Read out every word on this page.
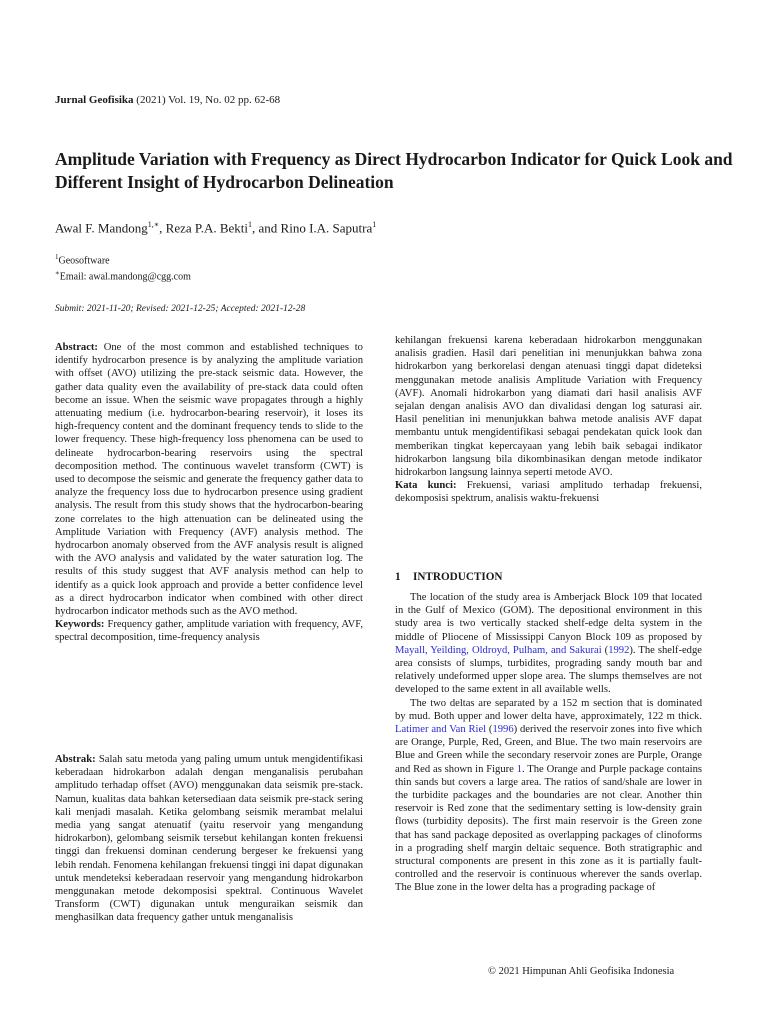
Jurnal Geofisika (2021) Vol. 19, No. 02 pp. 62-68
Amplitude Variation with Frequency as Direct Hydrocarbon Indicator for Quick Look and Different Insight of Hydrocarbon Delineation
Awal F. Mandong$^{1,∗}$, Reza P.A. Bekti$^1$, and Rino I.A. Saputra$^1$
$^1$Geosoftware
∗Email: awal.mandong@cgg.com
Submit: 2021-11-20; Revised: 2021-12-25; Accepted: 2021-12-28

Abstract: One of the most common and established techniques to identify hydrocarbon presence is by analyzing the amplitude variation with offset (AVO) utilizing the pre-stack seismic data. However, the gather data quality even the availability of pre-stack data could often become an issue. When the seismic wave propagates through a highly attenuating medium (i.e. hydrocarbon-bearing reservoir), it loses its high-frequency content and the dominant frequency tends to slide to the lower frequency. These high-frequency loss phenomena can be used to delineate hydrocarbon-bearing reservoirs using the spectral decomposition method. The continuous wavelet transform (CWT) is used to decompose the seismic and generate the frequency gather data to analyze the frequency loss due to hydrocarbon presence using gradient analysis. The result from this study shows that the hydrocarbon-bearing zone correlates to the high attenuation can be delineated using the Amplitude Variation with Frequency (AVF) analysis method. The hydrocarbon anomaly observed from the AVF analysis result is aligned with the AVO analysis and validated by the water saturation log. The results of this study suggest that AVF analysis method can help to identify as a quick look approach and provide a better confidence level as a direct hydrocarbon indicator when combined with other direct hydrocarbon indicator methods such as the AVO method.

Keywords: Frequency gather, amplitude variation with frequency, AVF, spectral decomposition, time-frequency analysis

Abstrak: Salah satu metoda yang paling umum untuk mengidentifikasi keberadaan hidrokarbon adalah dengan menganalisis perubahan amplitudo terhadap offset (AVO) menggunakan data seismik pre-stack. Namun, kualitas data bahkan ketersediaan data seismik pre-stack sering kali menjadi masalah. Ketika gelombang seismik merambat melalui media yang sangat atenuatif (yaitu reservoir yang mengandung hidrokarbon), gelombang seismik tersebut kehilangan konten frekuensi tinggi dan frekuensi dominan cenderung bergeser ke frekuensi yang lebih rendah. Fenomena kehilangan frekuensi tinggi ini dapat digunakan untuk mendeteksi keberadaan reservoir yang mengandung hidrokarbon menggunakan metode dekomposisi spektral. Continuous Wavelet Transform (CWT) digunakan untuk menguraikan seismik dan menghasilkan data frequency gather untuk menganalisis

kehilangan frekuensi karena keberadaan hidrokarbon menggunakan analisis gradien. Hasil dari penelitian ini menunjukkan bahwa zona hidrokarbon yang berkorelasi dengan atenuasi tinggi dapat dideteksi menggunakan metode analisis Amplitude Variation with Frequency (AVF). Anomali hidrokarbon yang diamati dari hasil analisis AVF sejalan dengan analisis AVO dan divalidasi dengan log saturasi air. Hasil penelitian ini menunjukkan bahwa metode analisis AVF dapat membantu untuk mengidentifikasi sebagai pendekatan quick look dan memberikan tingkat kepercayaan yang lebih baik sebagai indikator hidrokarbon langsung bila dikombinasikan dengan metode indikator hidrokarbon langsung lainnya seperti metode AVO.

Kata kunci: Frekuensi, variasi amplitudo terhadap frekuensi, dekomposisi spektrum, analisis waktu-frekuensi

1 INTRODUCTION

The location of the study area is Amberjack Block 109 that located in the Gulf of Mexico (GOM). The depositional environment in this study area is two vertically stacked shelf-edge delta system in the middle of Pliocene of Mississippi Canyon Block 109 as proposed by Mayall, Yeilding, Oldroyd, Pulham, and Sakurai (1992). The shelf-edge area consists of slumps, turbidites, prograding sandy mouth bar and relatively undeformed upper slope area. The slumps themselves are not developed to the same extent in all available wells.

The two deltas are separated by a 152 m section that is dominated by mud. Both upper and lower delta have, approximately, 122 m thick. Latimer and Van Riel (1996) derived the reservoir zones into five which are Orange, Purple, Red, Green, and Blue. The two main reservoirs are Blue and Green while the secondary reservoir zones are Purple, Orange and Red as shown in Figure 1. The Orange and Purple package contains thin sands but covers a large area. The ratios of sand/shale are lower in the turbidite packages and the boundaries are not clear. Another thin reservoir is Red zone that the sedimentary setting is low-density grain flows (turbidity deposits). The first main reservoir is the Green zone that has sand package deposited as overlapping packages of clinoforms in a prograding shelf margin deltaic sequence. Both stratigraphic and structural components are present in this zone as it is partially fault-controlled and the reservoir is continuous wherever the sands overlap. The Blue zone in the lower delta has a prograding package of

© 2021 Himpunan Ahli Geofisika Indonesia
